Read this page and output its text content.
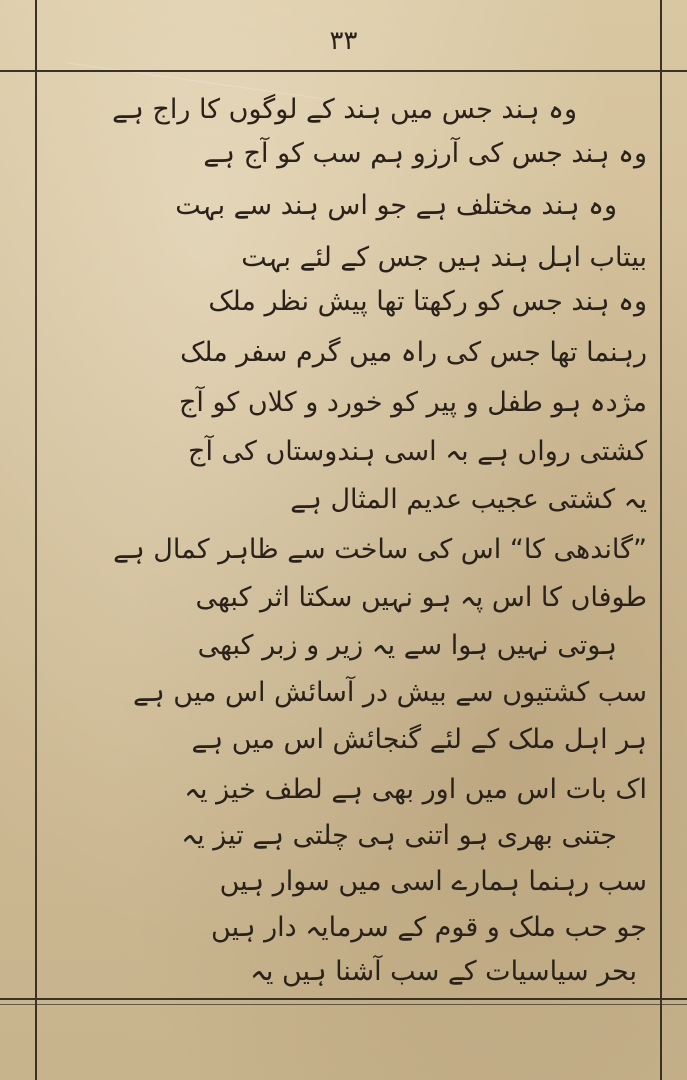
۳۳
وہ ہند جس میں ہند کے لوگوں کا راج ہے
وہ ہند جس کی آرزو ہم سب کو آج ہے
وہ ہند مختلف ہے جو اس ہند سے بہت
بیتاب اہل ہند ہیں جس کے لئے بہت
وہ ہند جس کو رکھتا تھا پیش نظر ملک
رہنما تھا جس کی راہ میں گرم سفر ملک
مژدہ ہو طفل و پیر کو خورد و کلاں کو آج
کشتی رواں ہے بہ اسی ہندوستاں کی آج
یہ کشتی عجیب عدیم المثال ہے
”گاندھی کا“ اس کی ساخت سے ظاہر کمال ہے
طوفاں کا اس پہ ہو نہیں سکتا اثر کبھی
ہوتی نہیں ہوا سے یہ زیر و زبر کبھی
سب کشتیوں سے بیش در آسائش اس میں ہے
ہر اہل ملک کے لئے گنجائش اس میں ہے
اک بات اس میں اور بھی ہے لطف خیز یہ
جتنی بھری ہو اتنی ہی چلتی ہے تیز یہ
سب رہنما ہمارے اسی میں سوار ہیں
جو حب ملک و قوم کے سرمایہ دار ہیں
بحر سیاسیات کے سب آشنا ہیں یہ
